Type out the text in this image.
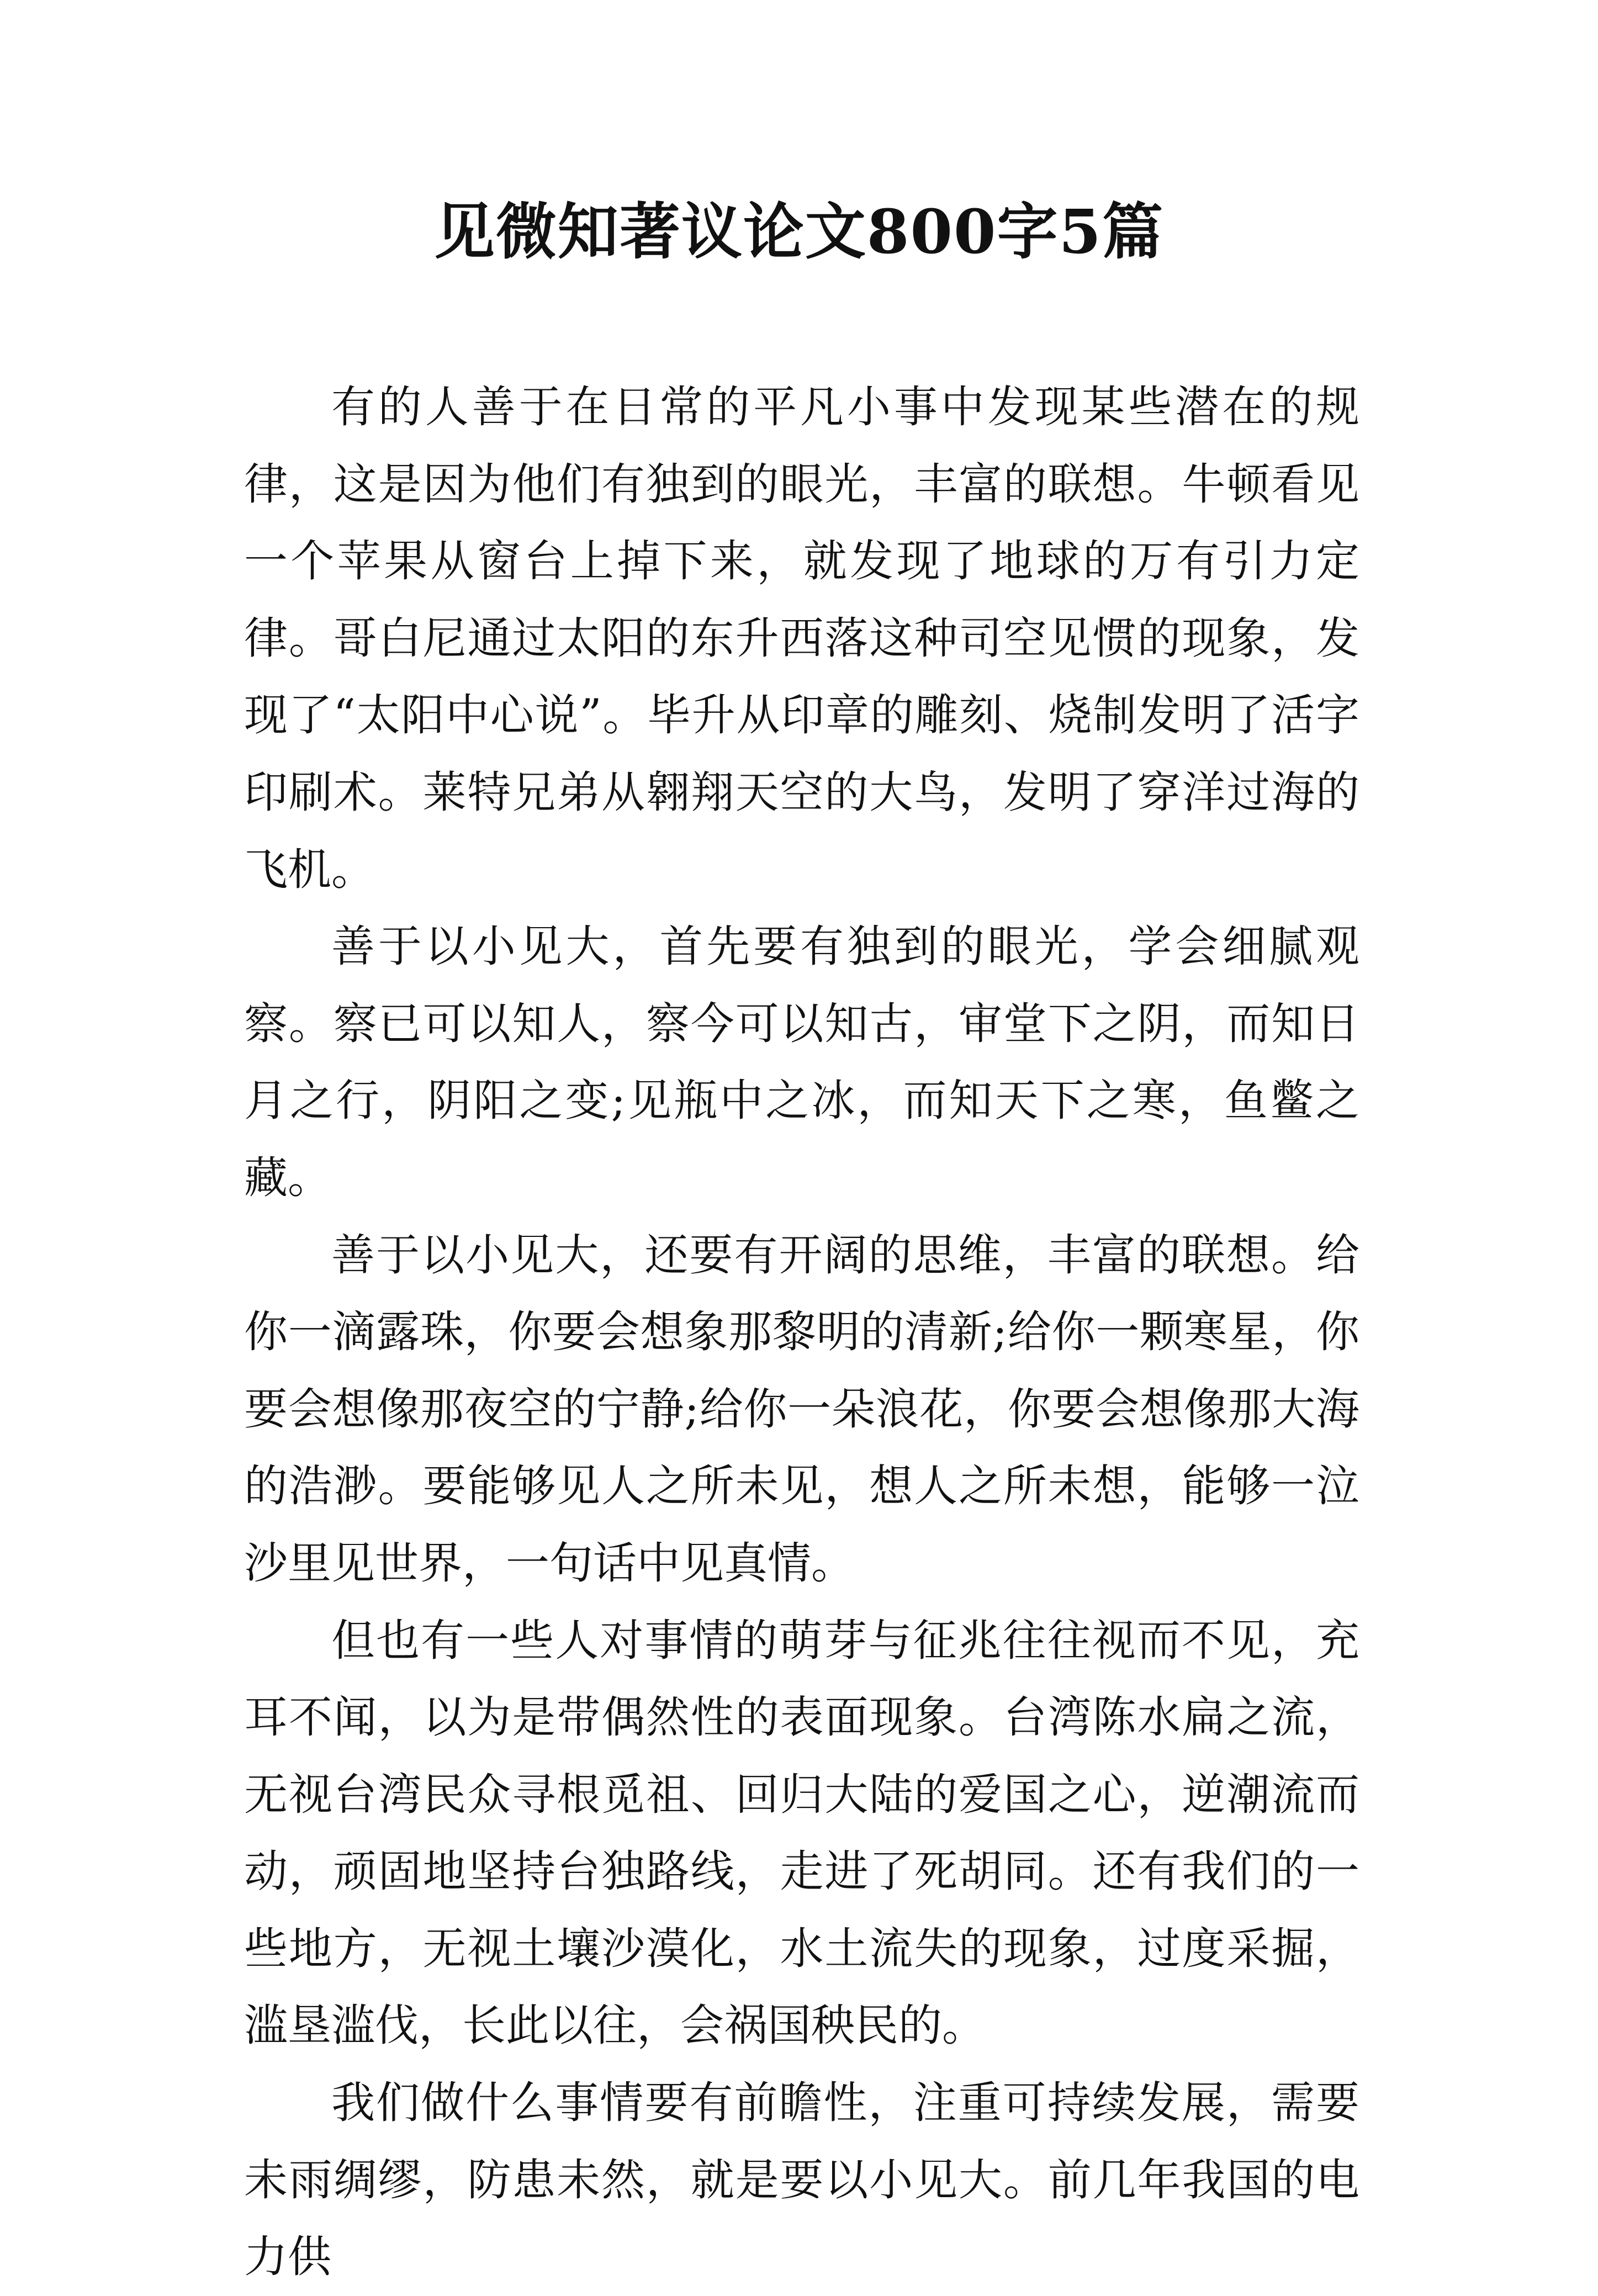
见微知著议论文800字5篇

有的人善于在日常的平凡小事中发现某些潜在的规律，这是因为他们有独到的眼光，丰富的联想。牛顿看见一个苹果从窗台上掉下来，就发现了地球的万有引力定律。哥白尼通过太阳的东升西落这种司空见惯的现象，发现了“太阳中心说”。毕升从印章的雕刻、烧制发明了活字印刷术。莱特兄弟从翱翔天空的大鸟，发明了穿洋过海的飞机。

善于以小见大，首先要有独到的眼光，学会细腻观察。察已可以知人，察今可以知古，审堂下之阴，而知日月之行，阴阳之变;见瓶中之冰，而知天下之寒，鱼鳖之藏。

善于以小见大，还要有开阔的思维，丰富的联想。给你一滴露珠，你要会想象那黎明的清新;给你一颗寒星，你要会想像那夜空的宁静;给你一朵浪花，你要会想像那大海的浩渺。要能够见人之所未见，想人之所未想，能够一泣沙里见世界，一句话中见真情。

但也有一些人对事情的萌芽与征兆往往视而不见，充耳不闻，以为是带偶然性的表面现象。台湾陈水扁之流，无视台湾民众寻根觅祖、回归大陆的爱国之心，逆潮流而动，顽固地坚持台独路线，走进了死胡同。还有我们的一些地方，无视土壤沙漠化，水土流失的现象，过度采掘，滥垦滥伐，长此以往，会祸国秧民的。

我们做什么事情要有前瞻性，注重可持续发展，需要未雨绸缪，防患未然，就是要以小见大。前几年我国的电力供
